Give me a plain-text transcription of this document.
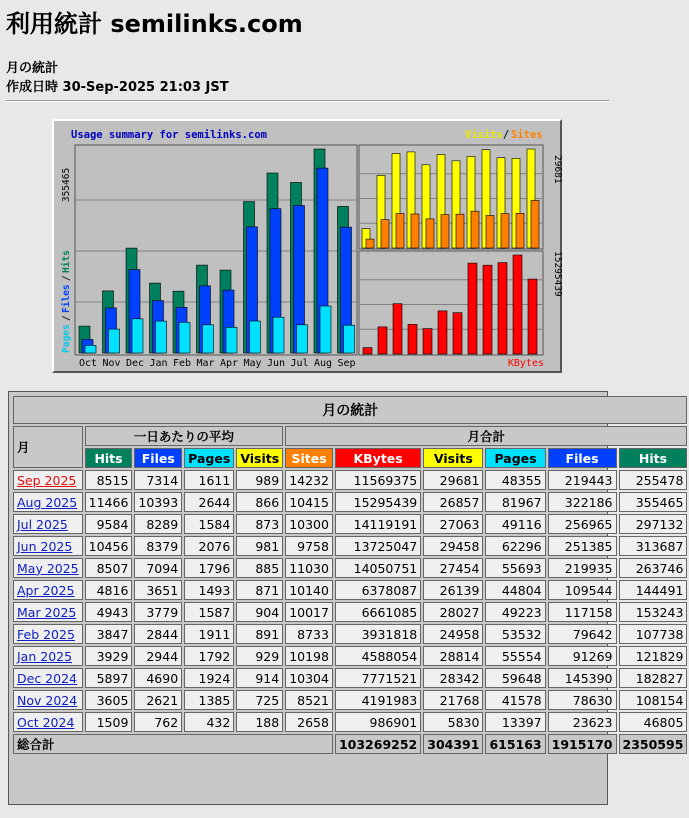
利用統計 semilinks.com
月の統計
作成日時 30-Sep-2025 21:03 JST
Oct Nov Dec Jan Feb Mar Apr May Jun Jul Aug Sep
Usage summary for semilinks.com	Visits / Sites
355465
Pages
/
Files
/
Hits
29681
15295439
KBytes
月の統計										
月	一日あたりの平均				月合計					
	Hits	Files	Pages	Visits	Sites	KBytes	Visits	Pages	Files	Hits
Sep 2025	8515	7314	1611	989	14232	11569375	29681	48355	219443	255478
Aug 2025	11466	10393	2644	866	10415	15295439	26857	81967	322186	355465
Jul 2025	9584	8289	1584	873	10300	14119191	27063	49116	256965	297132
Jun 2025	10456	8379	2076	981	9758	13725047	29458	62296	251385	313687
May 2025	8507	7094	1796	885	11030	14050751	27454	55693	219935	263746
Apr 2025	4816	3651	1493	871	10140	6378087	26139	44804	109544	144491
Mar 2025	4943	3779	1587	904	10017	6661085	28027	49223	117158	153243
Feb 2025	3847	2844	1911	891	8733	3931818	24958	53532	79642	107738
Jan 2025	3929	2944	1792	929	10198	4588054	28814	55554	91269	121829
Dec 2024	5897	4690	1924	914	10304	7771521	28342	59648	145390	182827
Nov 2024	3605	2621	1385	725	8521	4191983	21768	41578	78630	108154
Oct 2024	1509	762	432	188	2658	986901	5830	13397	23623	46805
総合計						103269252	304391	615163	1915170	2350595
